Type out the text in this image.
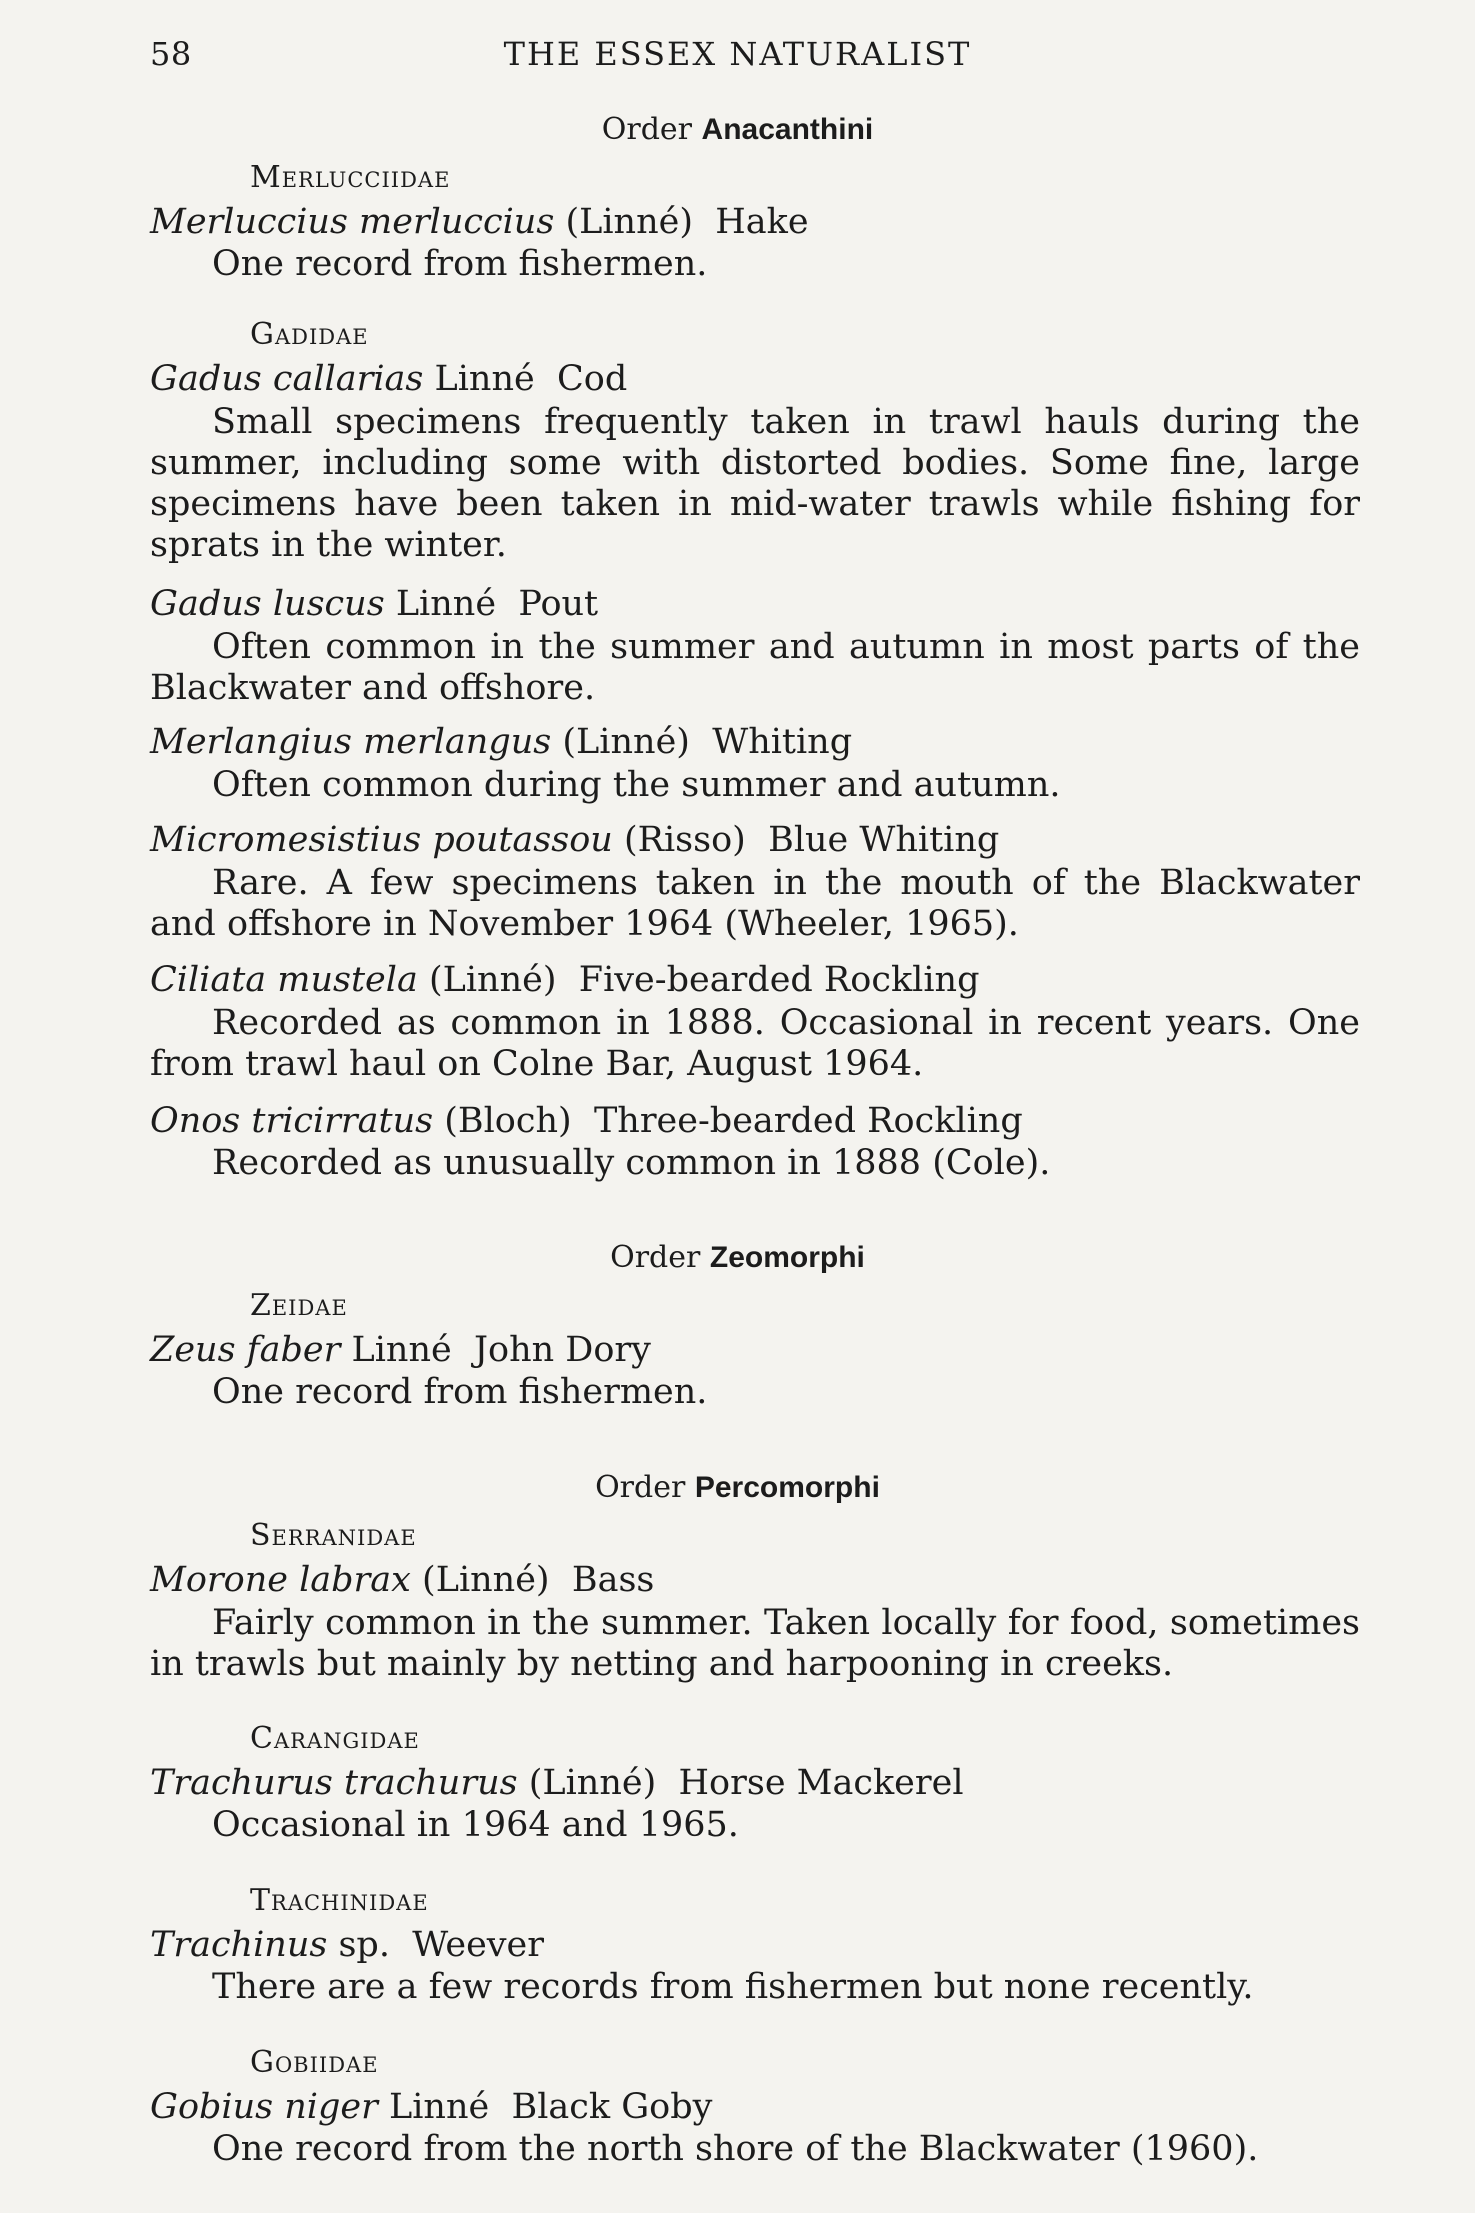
58	THE ESSEX NATURALIST
Order Anacanthini
Merlucciidae
Merluccius merluccius (Linné) Hake
One record from fishermen.
Gadidae
Gadus callarias Linné Cod
Small specimens frequently taken in trawl hauls during the summer, including some with distorted bodies. Some fine, large specimens have been taken in mid-water trawls while fishing for sprats in the winter.
Gadus luscus Linné Pout
Often common in the summer and autumn in most parts of the Blackwater and offshore.
Merlangius merlangus (Linné) Whiting
Often common during the summer and autumn.
Micromesistius poutassou (Risso) Blue Whiting
Rare. A few specimens taken in the mouth of the Blackwater and offshore in November 1964 (Wheeler, 1965).
Ciliata mustela (Linné) Five-bearded Rockling
Recorded as common in 1888. Occasional in recent years. One from trawl haul on Colne Bar, August 1964.
Onos tricirratus (Bloch) Three-bearded Rockling
Recorded as unusually common in 1888 (Cole).
Order Zeomorphi
Zeidae
Zeus faber Linné John Dory
One record from fishermen.
Order Percomorphi
Serranidae
Morone labrax (Linné) Bass
Fairly common in the summer. Taken locally for food, sometimes in trawls but mainly by netting and harpooning in creeks.
Carangidae
Trachurus trachurus (Linné) Horse Mackerel
Occasional in 1964 and 1965.
Trachinidae
Trachinus sp. Weever
There are a few records from fishermen but none recently.
Gobiidae
Gobius niger Linné Black Goby
One record from the north shore of the Blackwater (1960).
